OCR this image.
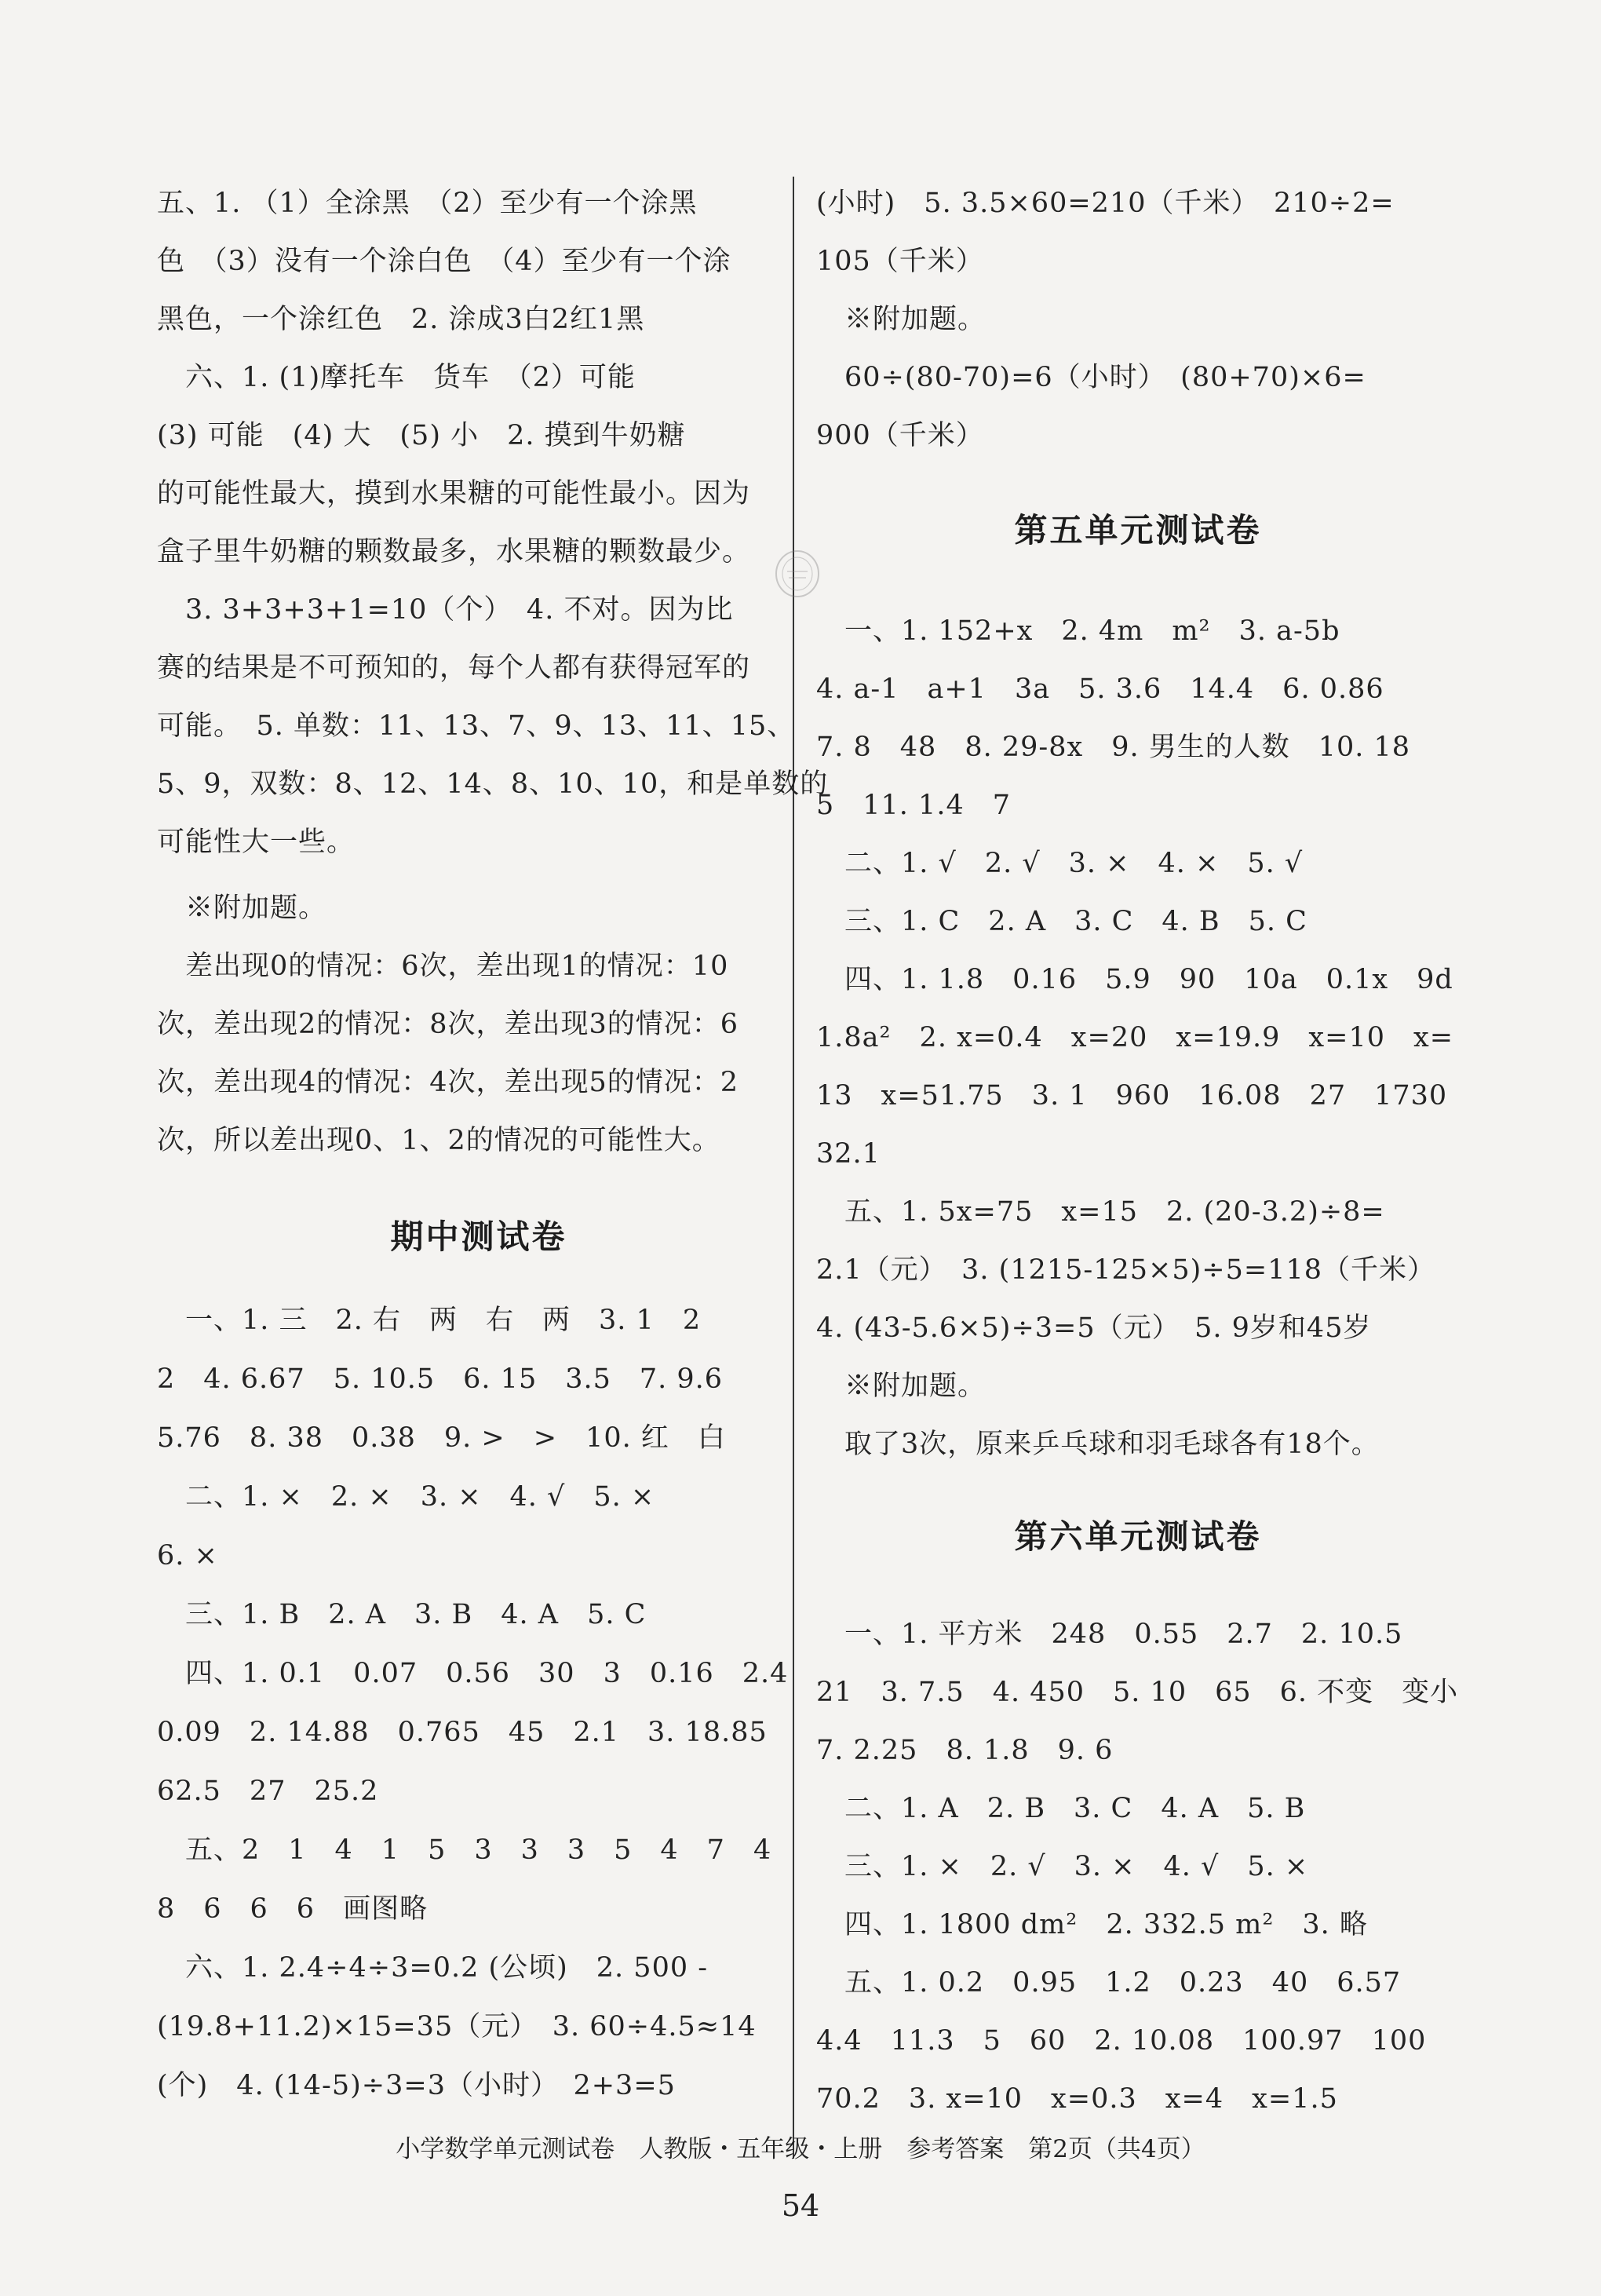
五、1. （1）全涂黑　（2）至少有一个涂黑
色　（3）没有一个涂白色　（4）至少有一个涂
黑色，一个涂红色　2. 涂成3白2红1黑
　六、1. (1)摩托车　货车　（2）可能
(3) 可能　(4) 大　(5) 小　2. 摸到牛奶糖
的可能性最大，摸到水果糖的可能性最小。因为
盒子里牛奶糖的颗数最多，水果糖的颗数最少。
　3. 3+3+3+1=10（个）　4. 不对。因为比
赛的结果是不可预知的，每个人都有获得冠军的
可能。　5. 单数：11、13、7、9、13、11、15、
5、9，双数：8、12、14、8、10、10，和是单数的
可能性大一些。
　※附加题。
　差出现0的情况：6次，差出现1的情况：10
次，差出现2的情况：8次，差出现3的情况：6
次，差出现4的情况：4次，差出现5的情况：2
次，所以差出现0、1、2的情况的可能性大。
期中测试卷
　一、1. 三　2. 右　两　右　两　3. 1　2
2　4. 6.67　5. 10.5　6. 15　3.5　7. 9.6
5.76　8. 38　0.38　9. >　>　10. 红　白
　二、1. ×　2. ×　3. ×　4. √　5. ×
6. ×
　三、1. B　2. A　3. B　4. A　5. C
　四、1. 0.1　0.07　0.56　30　3　0.16　2.4
0.09　2. 14.88　0.765　45　2.1　3. 18.85
62.5　27　25.2
　五、2　1　4　1　5　3　3　3　5　4　7　4
8　6　6　6　画图略
　六、1. 2.4÷4÷3=0.2 (公顷)　2. 500 -
(19.8+11.2)×15=35（元）　3. 60÷4.5≈14
(个)　4. (14-5)÷3=3（小时）　2+3=5
(小时)　5. 3.5×60=210（千米）　210÷2=
105（千米）
　※附加题。
　60÷(80-70)=6（小时）　(80+70)×6=
900（千米）
第五单元测试卷
　一、1. 152+x　2. 4m　m²　3. a-5b
4. a-1　a+1　3a　5. 3.6　14.4　6. 0.86
7. 8　48　8. 29-8x　9. 男生的人数　10. 18
5　11. 1.4　7
　二、1. √　2. √　3. ×　4. ×　5. √
　三、1. C　2. A　3. C　4. B　5. C
　四、1. 1.8　0.16　5.9　90　10a　0.1x　9d
1.8a²　2. x=0.4　x=20　x=19.9　x=10　x=
13　x=51.75　3. 1　960　16.08　27　1730
32.1
　五、1. 5x=75　x=15　2. (20-3.2)÷8=
2.1（元）　3. (1215-125×5)÷5=118（千米）
4. (43-5.6×5)÷3=5（元）　5. 9岁和45岁
　※附加题。
　取了3次，原来乒乓球和羽毛球各有18个。
第六单元测试卷
　一、1. 平方米　248　0.55　2.7　2. 10.5
21　3. 7.5　4. 450　5. 10　65　6. 不变　变小
7. 2.25　8. 1.8　9. 6
　二、1. A　2. B　3. C　4. A　5. B
　三、1. ×　2. √　3. ×　4. √　5. ×
　四、1. 1800 dm²　2. 332.5 m²　3. 略
　五、1. 0.2　0.95　1.2　0.23　40　6.57
4.4　11.3　5　60　2. 10.08　100.97　100
70.2　3. x=10　x=0.3　x=4　x=1.5
小学数学单元测试卷　人教版・五年级・上册　参考答案　第2页（共4页）
54
